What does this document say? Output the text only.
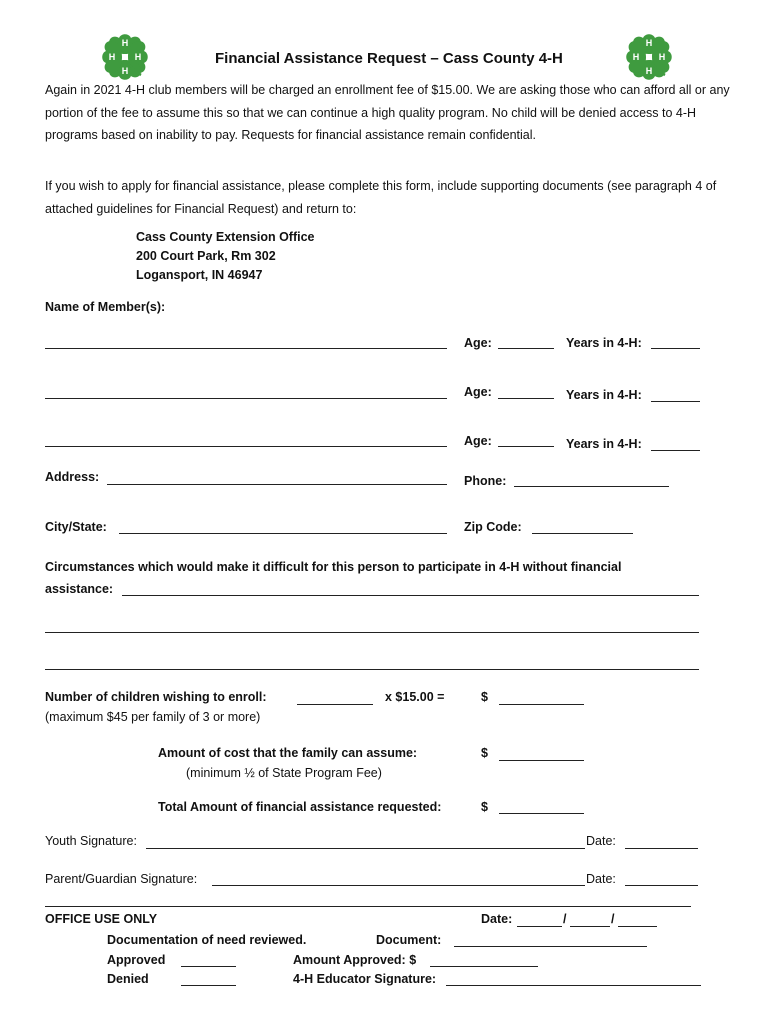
H
H
H
H
H
H
H
H
Financial Assistance Request – Cass County 4-H
Again in 2021 4-H club members will be charged an enrollment fee of $15.00. We are asking those who can afford all or any portion of the fee to assume this so that we can continue a high quality program. No child will be denied access to 4-H programs based on inability to pay. Requests for financial assistance remain confidential.
If you wish to apply for financial assistance, please complete this form, include supporting documents (see paragraph 4 of attached guidelines for Financial Request) and return to:
Cass County Extension Office
200 Court Park, Rm 302
Logansport, IN 46947
Name of Member(s):
Age:	Years in 4-H:
Age:	Years in 4-H:
Age:	Years in 4-H:
Address:	Phone:
City/State:	Zip Code:
Circumstances which would make it difficult for this person to participate in 4-H without financial
assistance:
Number of children wishing to enroll:	x $15.00 =	$
(maximum $45 per family of 3 or more)
Amount of cost that the family can assume:	$
(minimum ½ of State Program Fee)
Total Amount of financial assistance requested:	$
Youth Signature:	Date:
Parent/Guardian Signature:	Date:
OFFICE USE ONLY	Date:	/	/
Documentation of need reviewed.	Document:
Approved	Amount Approved: $
Denied	4-H Educator Signature:
